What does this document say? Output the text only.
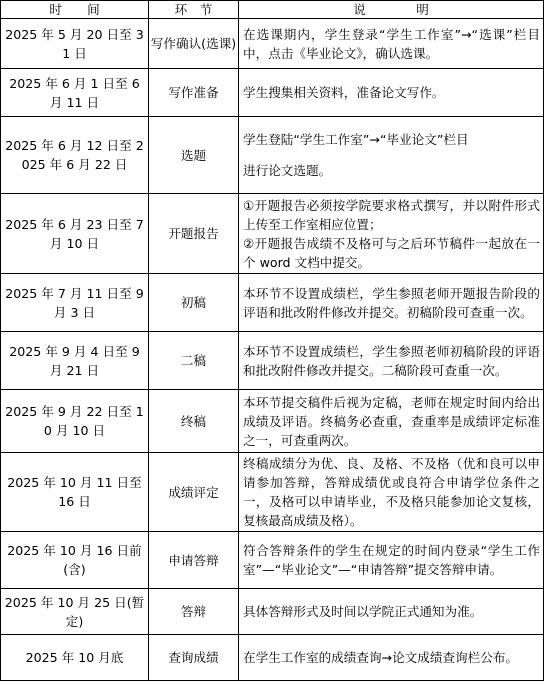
时　　间	环　节	说　　　　明
2025 年 5 月 20 日至 31 日	写作确认(选课)	在选课期内，学生登录“学生工作室”→“选课”栏目中，点击《毕业论文》，确认选课。
2025 年 6 月 1 日至 6 月 11 日	写作准备	学生搜集相关资料，准备论文写作。
2025 年 6 月 12 日至 2025 年 6 月 22 日	选题	学生登陆“学生工作室”→“毕业论文”栏目
进行论文选题。

2025 年 6 月 23 日至 7 月 10 日	开题报告	①开题报告必须按学院要求格式撰写，并以附件形式上传至工作室相应位置；
②开题报告成绩不及格可与之后环节稿件一起放在一个 word 文档中提交。

2025 年 7 月 11 日至 9 月 3 日	初稿	本环节不设置成绩栏，学生参照老师开题报告阶段的评语和批改附件修改并提交。初稿阶段可查重一次。
2025 年 9 月 4 日至 9 月 21 日	二稿	本环节不设置成绩栏，学生参照老师初稿阶段的评语和批改附件修改并提交。二稿阶段可查重一次。
2025 年 9 月 22 日至 10 月 10 日	终稿	本环节提交稿件后视为定稿，老师在规定时间内给出成绩及评语。终稿务必查重，查重率是成绩评定标准之一，可查重两次。
2025 年 10 月 11 日至 16 日	成绩评定	终稿成绩分为优、良、及格、不及格（优和良可以申请参加答辩，答辩成绩优或良符合申请学位条件之一，及格可以申请毕业，不及格只能参加论文复核，复核最高成绩及格）。
2025 年 10 月 16 日前(含)	申请答辩	符合答辩条件的学生在规定的时间内登录“学生工作室”—“毕业论文”—“申请答辩”提交答辩申请。
2025 年 10 月 25 日(暂定)	答辩	具体答辩形式及时间以学院正式通知为准。
2025 年 10 月底	查询成绩	在学生工作室的成绩查询→论文成绩查询栏公布。
